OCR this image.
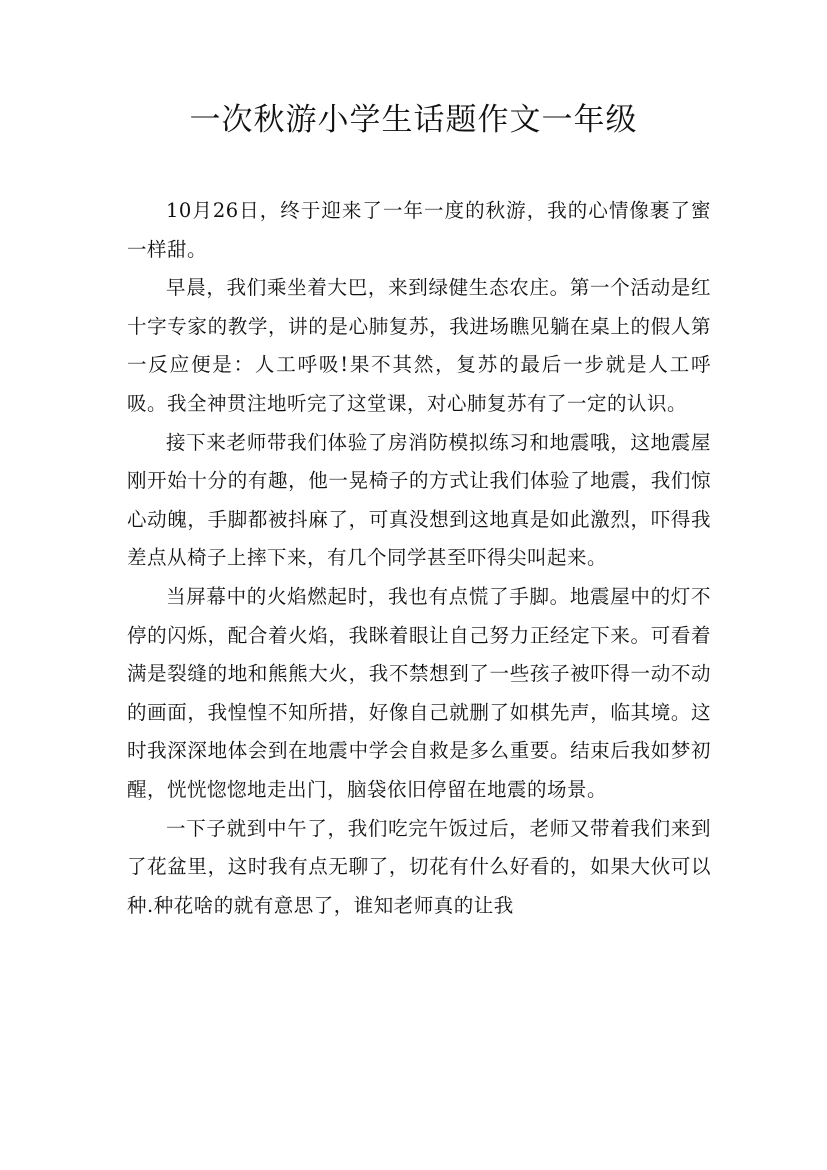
一次秋游小学生话题作文一年级

10月26日，终于迎来了一年一度的秋游，我的心情像裹了蜜一样甜。

早晨，我们乘坐着大巴，来到绿健生态农庄。第一个活动是红十字专家的教学，讲的是心肺复苏，我进场瞧见躺在桌上的假人第一反应便是：人工呼吸!果不其然，复苏的最后一步就是人工呼吸。我全神贯注地听完了这堂课，对心肺复苏有了一定的认识。

接下来老师带我们体验了房消防模拟练习和地震哦，这地震屋刚开始十分的有趣，他一晃椅子的方式让我们体验了地震，我们惊心动魄，手脚都被抖麻了，可真没想到这地真是如此激烈，吓得我差点从椅子上摔下来，有几个同学甚至吓得尖叫起来。

当屏幕中的火焰燃起时，我也有点慌了手脚。地震屋中的灯不停的闪烁，配合着火焰，我眯着眼让自己努力正经定下来。可看着满是裂缝的地和熊熊大火，我不禁想到了一些孩子被吓得一动不动的画面，我惶惶不知所措，好像自己就删了如棋先声，临其境。这时我深深地体会到在地震中学会自救是多么重要。结束后我如梦初醒，恍恍惚惚地走出门，脑袋依旧停留在地震的场景。

一下子就到中午了，我们吃完午饭过后，老师又带着我们来到了花盆里，这时我有点无聊了，切花有什么好看的，如果大伙可以种.种花啥的就有意思了，谁知老师真的让我
